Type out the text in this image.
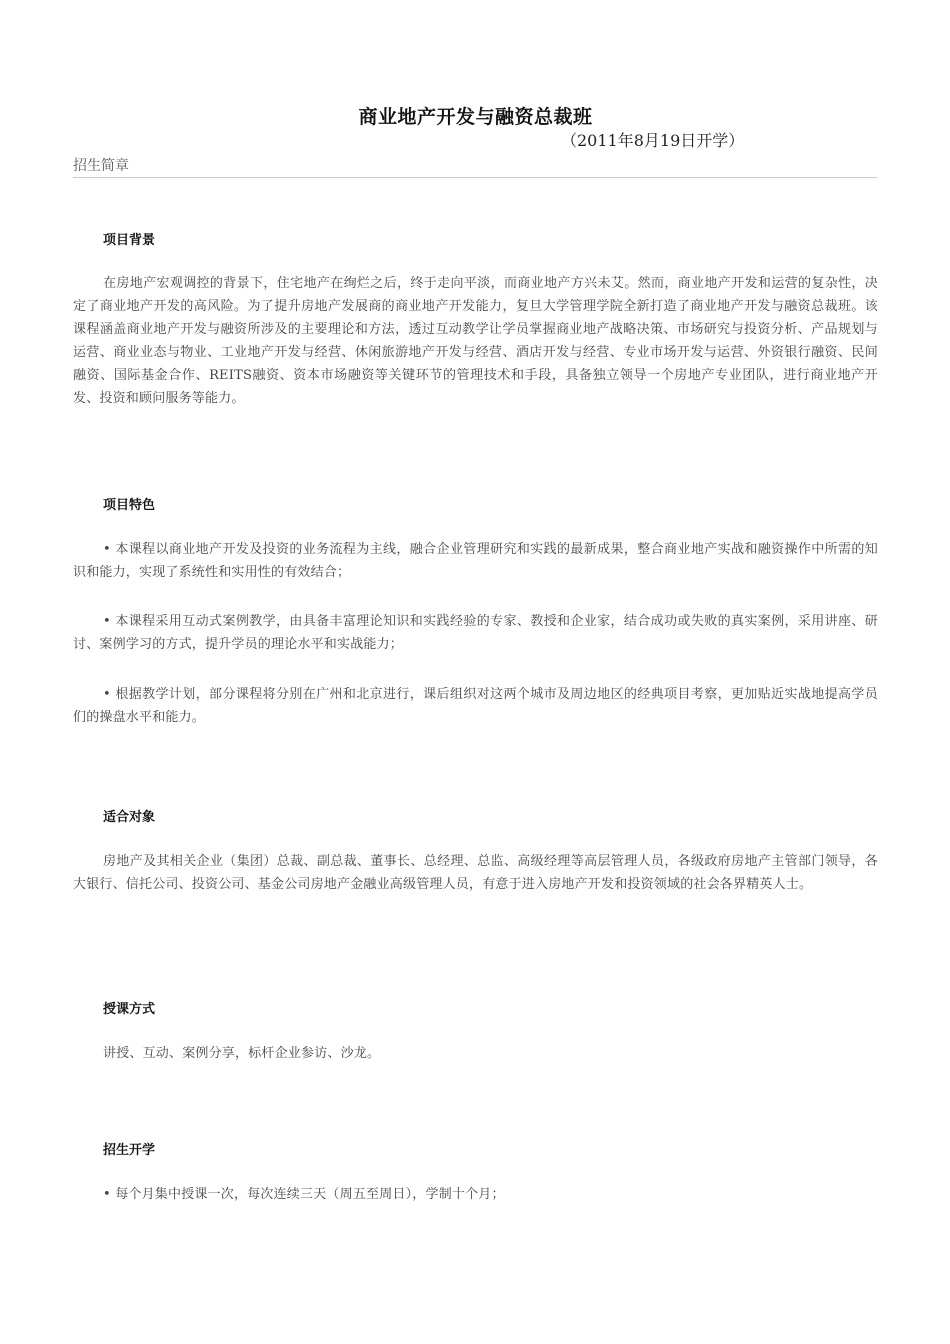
商业地产开发与融资总裁班
（2011年8月19日开学）
招生简章
项目背景
在房地产宏观调控的背景下，住宅地产在绚烂之后，终于走向平淡，而商业地产方兴未艾。然而，商业地产开发和运营的复杂性，决定了商业地产开发的高风险。为了提升房地产发展商的商业地产开发能力，复旦大学管理学院全新打造了商业地产开发与融资总裁班。该课程涵盖商业地产开发与融资所涉及的主要理论和方法，透过互动教学让学员掌握商业地产战略决策、市场研究与投资分析、产品规划与运营、商业业态与物业、工业地产开发与经营、休闲旅游地产开发与经营、酒店开发与经营、专业市场开发与运营、外资银行融资、民间融资、国际基金合作、REITS融资、资本市场融资等关键环节的管理技术和手段，具备独立领导一个房地产专业团队，进行商业地产开发、投资和顾问服务等能力。
项目特色
• 本课程以商业地产开发及投资的业务流程为主线，融合企业管理研究和实践的最新成果，整合商业地产实战和融资操作中所需的知识和能力，实现了系统性和实用性的有效结合；
• 本课程采用互动式案例教学，由具备丰富理论知识和实践经验的专家、教授和企业家，结合成功或失败的真实案例，采用讲座、研讨、案例学习的方式，提升学员的理论水平和实战能力；
• 根据教学计划，部分课程将分别在广州和北京进行，课后组织对这两个城市及周边地区的经典项目考察，更加贴近实战地提高学员们的操盘水平和能力。
适合对象
房地产及其相关企业（集团）总裁、副总裁、董事长、总经理、总监、高级经理等高层管理人员，各级政府房地产主管部门领导，各大银行、信托公司、投资公司、基金公司房地产金融业高级管理人员，有意于进入房地产开发和投资领域的社会各界精英人士。
授课方式
讲授、互动、案例分享，标杆企业参访、沙龙。
招生开学
• 每个月集中授课一次，每次连续三天（周五至周日），学制十个月；
